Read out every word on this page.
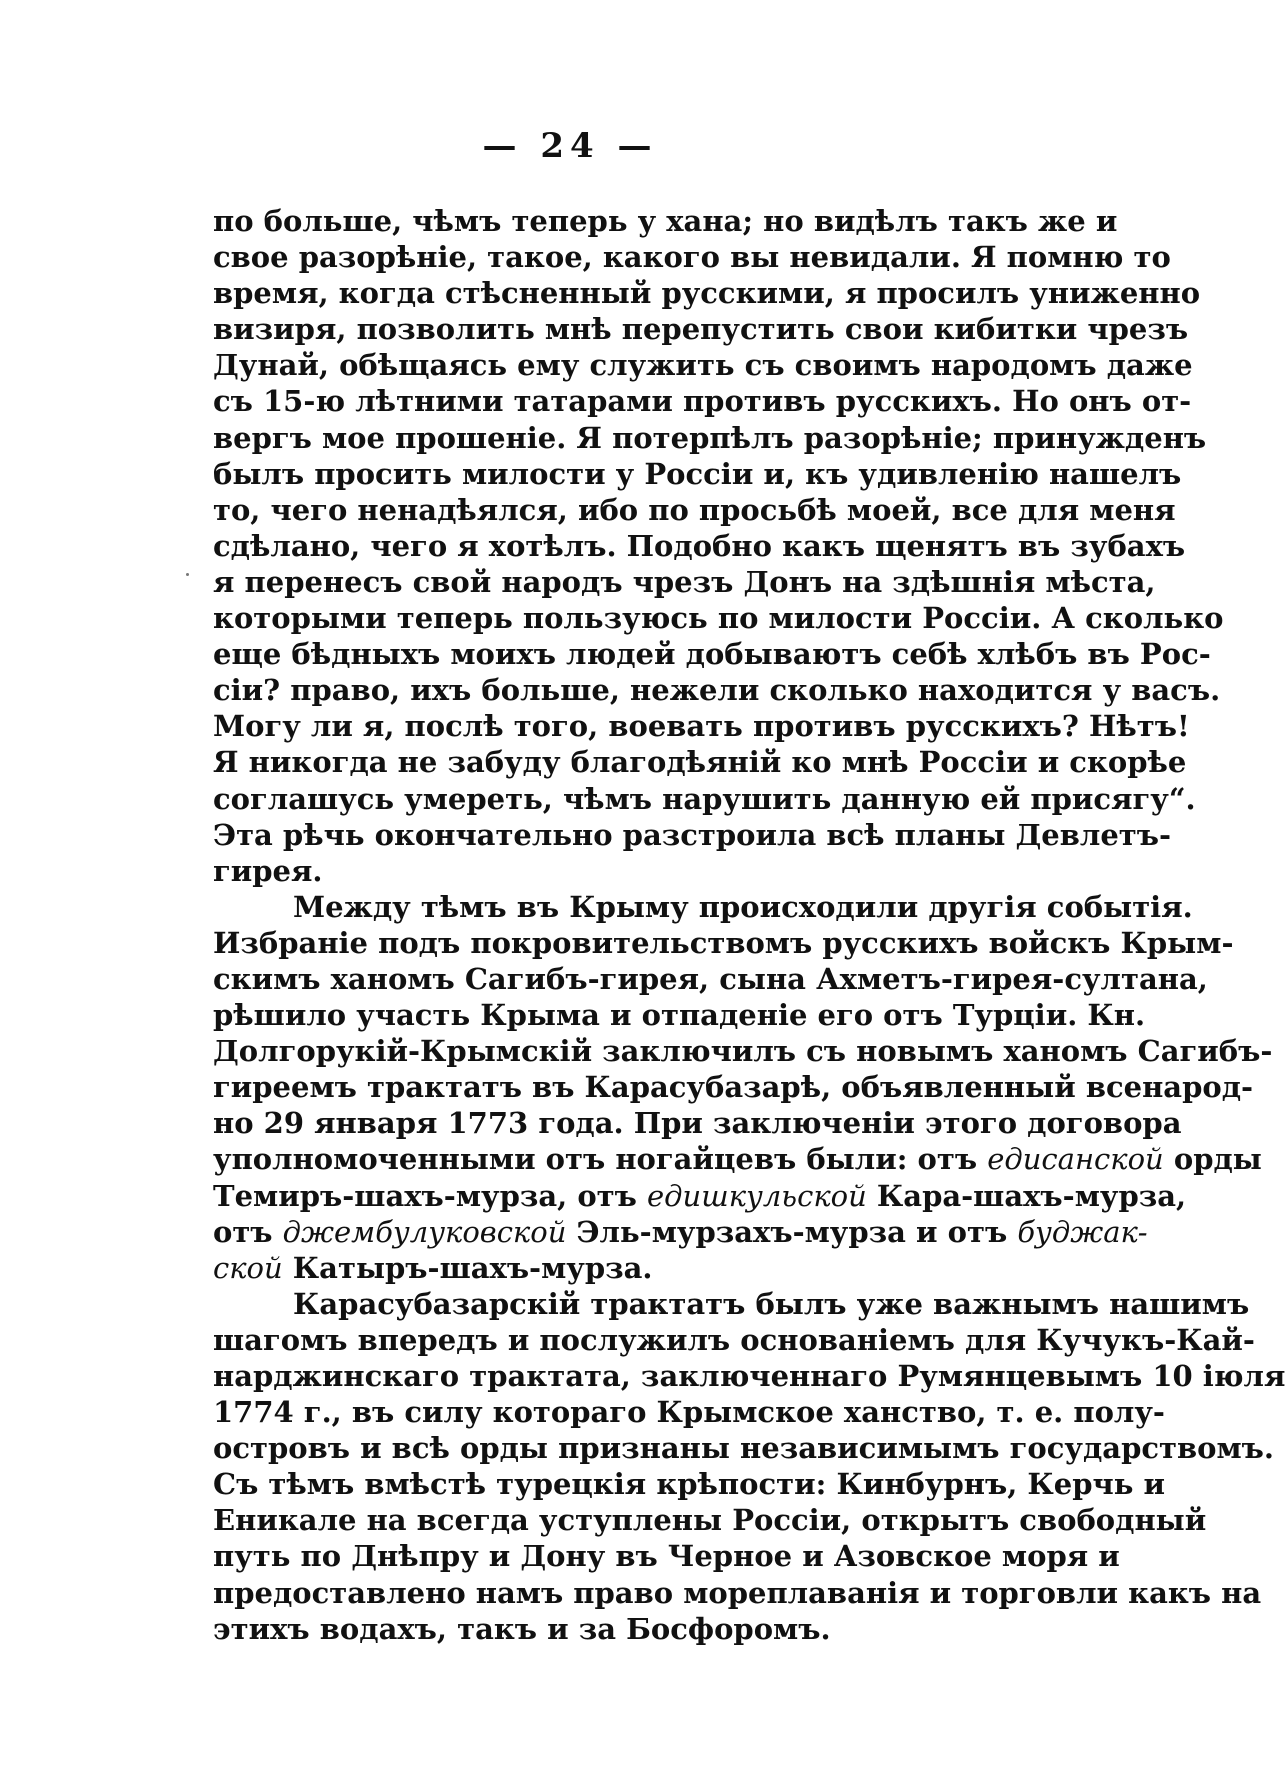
— 24 —
по больше, чѣмъ теперь у хана; но видѣлъ такъ же и
свое разорѣніе, такое, какого вы невидали. Я помню то
время, когда стѣсненный русскими, я просилъ униженно
визиря, позволить мнѣ перепустить свои кибитки чрезъ
Дунай, обѣщаясь ему служить съ своимъ народомъ даже
съ 15-ю лѣтними татарами противъ русскихъ. Но онъ от-
вергъ мое прошеніе. Я потерпѣлъ разорѣніе; принужденъ
былъ просить милости у Россіи и, къ удивленію нашелъ
то, чего ненадѣялся, ибо по просьбѣ моей, все для меня
сдѣлано, чего я хотѣлъ. Подобно какъ щенятъ въ зубахъ
я перенесъ свой народъ чрезъ Донъ на здѣшнія мѣста,
которыми теперь пользуюсь по милости Россіи. А сколько
еще бѣдныхъ моихъ людей добываютъ себѣ хлѣбъ въ Рос-
сіи? право, ихъ больше, нежели сколько находится у васъ.
Могу ли я, послѣ того, воевать противъ русскихъ? Нѣтъ!
Я никогда не забуду благодѣяній ко мнѣ Россіи и скорѣе
соглашусь умереть, чѣмъ нарушить данную ей присягу“.
Эта рѣчь окончательно разстроила всѣ планы Девлетъ-
гирея.
Между тѣмъ въ Крыму происходили другія событія.
Избраніе подъ покровительствомъ русскихъ войскъ Крым-
скимъ ханомъ Сагибъ-гирея, сына Ахметъ-гирея-султана,
рѣшило участь Крыма и отпаденіе его отъ Турціи. Кн.
Долгорукій-Крымскій заключилъ съ новымъ ханомъ Сагибъ-
гиреемъ трактатъ въ Карасубазарѣ, объявленный всенарод-
но 29 января 1773 года. При заключеніи этого договора
уполномоченными отъ ногайцевъ были: отъ едисанской орды
Темиръ-шахъ-мурза, отъ едишкульской Кара-шахъ-мурза,
отъ джембулуковской Эль-мурзахъ-мурза и отъ буджак-
ской Катыръ-шахъ-мурза.
Карасубазарскій трактатъ былъ уже важнымъ нашимъ
шагомъ впередъ и послужилъ основаніемъ для Кучукъ-Кай-
нарджинскаго трактата, заключеннаго Румянцевымъ 10 іюля
1774 г., въ силу котораго Крымское ханство, т. е. полу-
островъ и всѣ орды признаны независимымъ государствомъ.
Съ тѣмъ вмѣстѣ турецкія крѣпости: Кинбурнъ, Керчь и
Еникале на всегда уступлены Россіи, открытъ свободный
путь по Днѣпру и Дону въ Черное и Азовское моря и
предоставлено намъ право мореплаванія и торговли какъ на
этихъ водахъ, такъ и за Босфоромъ.
